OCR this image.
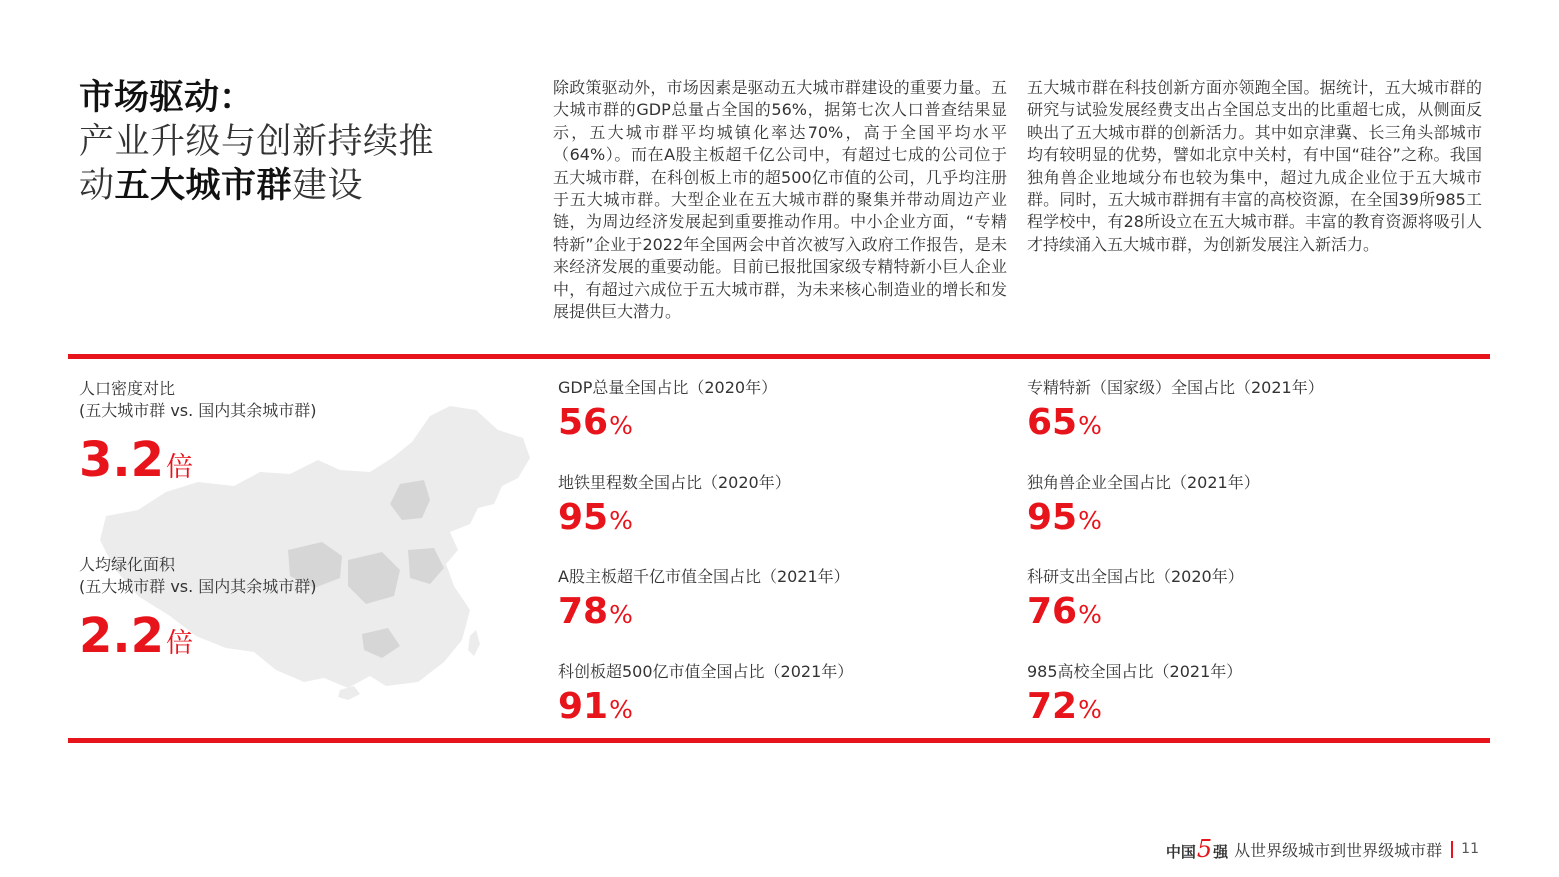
市场驱动：
产业升级与创新持续推
动五大城市群建设

除政策驱动外，市场因素是驱动五大城市群建设的重要力量。五大城市群的GDP总量占全国的56%，据第七次人口普查结果显示，五大城市群平均城镇化率达70%，高于全国平均水平（64%）。而在A股主板超千亿公司中，有超过七成的公司位于五大城市群，在科创板上市的超500亿市值的公司，几乎均注册于五大城市群。大型企业在五大城市群的聚集并带动周边产业链，为周边经济发展起到重要推动作用。中小企业方面，“专精特新”企业于2022年全国两会中首次被写入政府工作报告，是未来经济发展的重要动能。目前已报批国家级专精特新小巨人企业中，有超过六成位于五大城市群，为未来核心制造业的增长和发展提供巨大潜力。

五大城市群在科技创新方面亦领跑全国。据统计，五大城市群的研究与试验发展经费支出占全国总支出的比重超七成，从侧面反映出了五大城市群的创新活力。其中如京津冀、长三角头部城市均有较明显的优势，譬如北京中关村，有中国“硅谷”之称。我国独角兽企业地域分布也较为集中，超过九成企业位于五大城市群。同时，五大城市群拥有丰富的高校资源，在全国39所985工程学校中，有28所设立在五大城市群。丰富的教育资源将吸引人才持续涌入五大城市群，为创新发展注入新活力。

人口密度对比
(五大城市群 vs. 国内其余城市群)
3.2倍
人均绿化面积
(五大城市群 vs. 国内其余城市群)
2.2倍
GDP总量全国占比（2020年）
56%
地铁里程数全国占比（2020年）
95%
A股主板超千亿市值全国占比（2021年）
78%
科创板超500亿市值全国占比（2021年）
91%
专精特新（国家级）全国占比（2021年）
65%
独角兽企业全国占比（2021年）
95%
科研支出全国占比（2020年）
76%
985高校全国占比（2021年）
72%
中国5强 从世界级城市到世界级城市群 11
